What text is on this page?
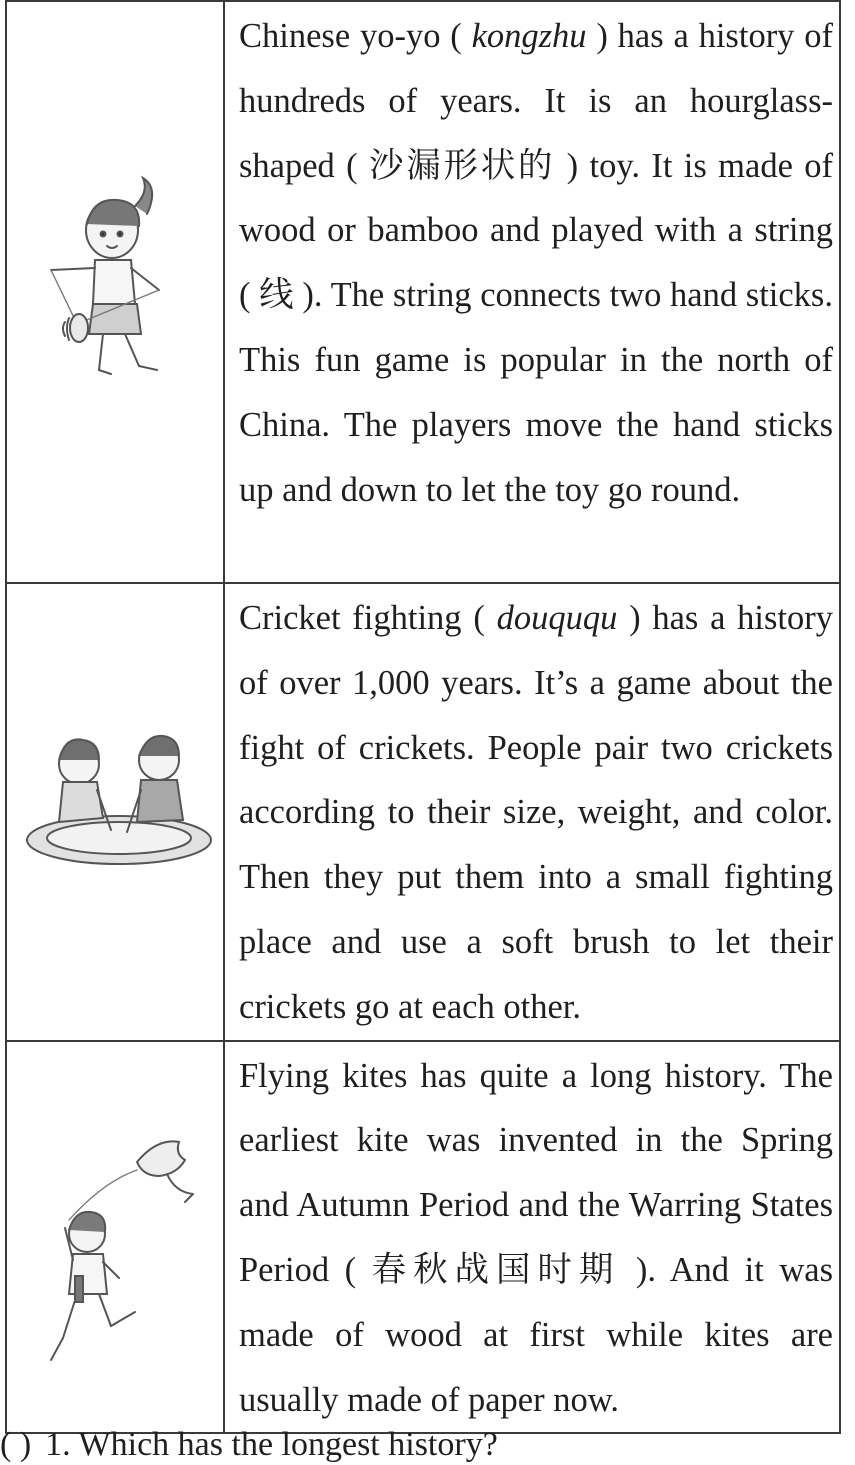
	Chinese yo-yo ( kongzhu ) has a history of hundreds of years. It is an hourglass-shaped ( 沙漏形状的 ) toy. It is made of wood or bamboo and played with a string ( 线 ). The string connects two hand sticks. This fun game is popular in the north of China. The players move the hand sticks up and down to let the toy go round.

	Cricket fighting ( douququ ) has a history of over 1,000 years. It’s a game about the fight of crickets. People pair two crickets according to their size, weight, and color. Then they put them into a small fighting place and use a soft brush to let their crickets go at each other.

	Flying kites has quite a long history. The earliest kite was invented in the Spring and Autumn Period and the Warring States Period ( 春秋战国时期 ). And it was made of wood at first while kites are usually made of paper now.
( ) 1. Which has the longest history?
